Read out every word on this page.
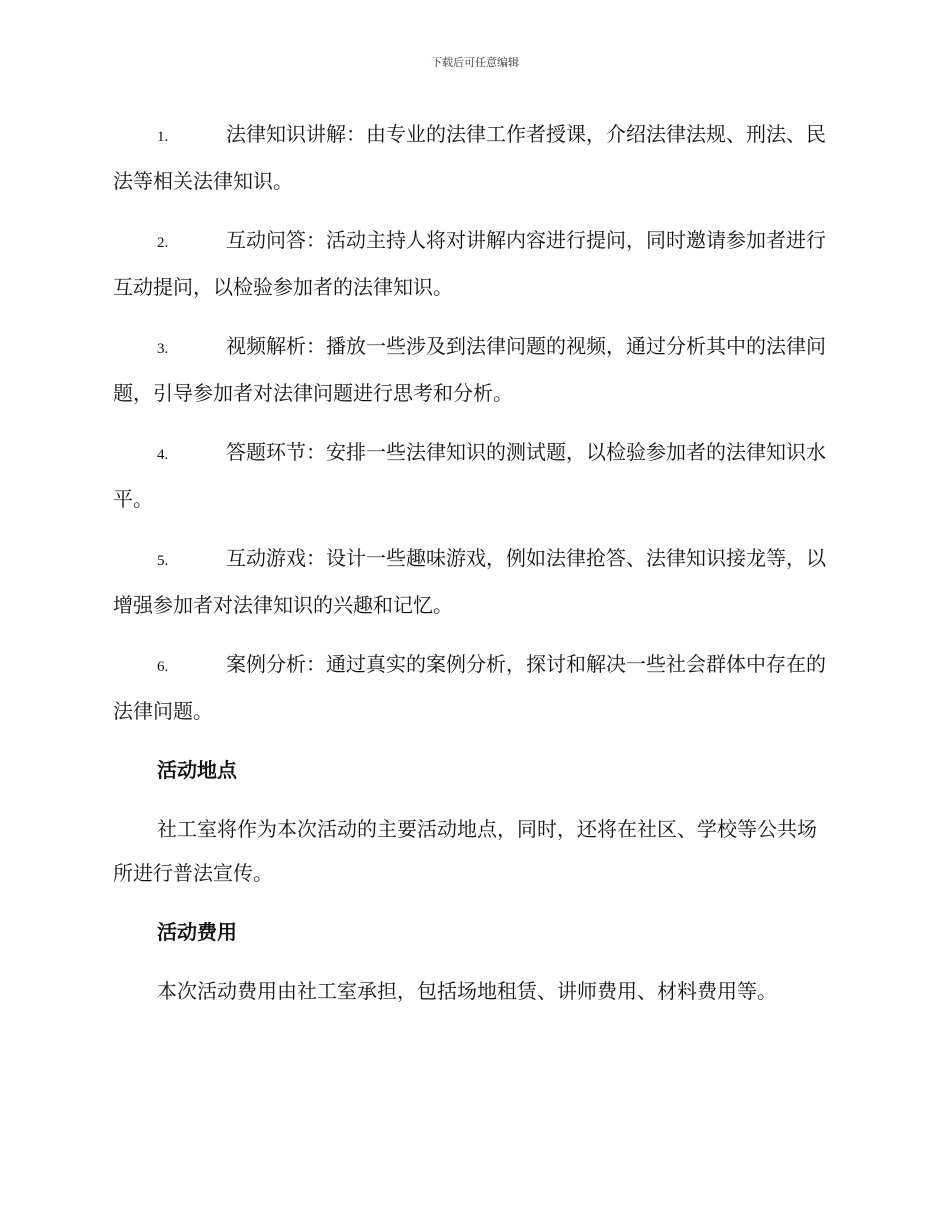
下载后可任意编辑

1.	法律知识讲解：由专业的法律工作者授课，介绍法律法规、刑法、民法等相关法律知识。

2.	互动问答：活动主持人将对讲解内容进行提问，同时邀请参加者进行互动提问，以检验参加者的法律知识。

3.	视频解析：播放一些涉及到法律问题的视频，通过分析其中的法律问题，引导参加者对法律问题进行思考和分析。

4.	答题环节：安排一些法律知识的测试题，以检验参加者的法律知识水平。

5.	互动游戏：设计一些趣味游戏，例如法律抢答、法律知识接龙等，以增强参加者对法律知识的兴趣和记忆。

6.	案例分析：通过真实的案例分析，探讨和解决一些社会群体中存在的法律问题。

活动地点

社工室将作为本次活动的主要活动地点，同时，还将在社区、学校等公共场所进行普法宣传。

活动费用

本次活动费用由社工室承担，包括场地租赁、讲师费用、材料费用等。
